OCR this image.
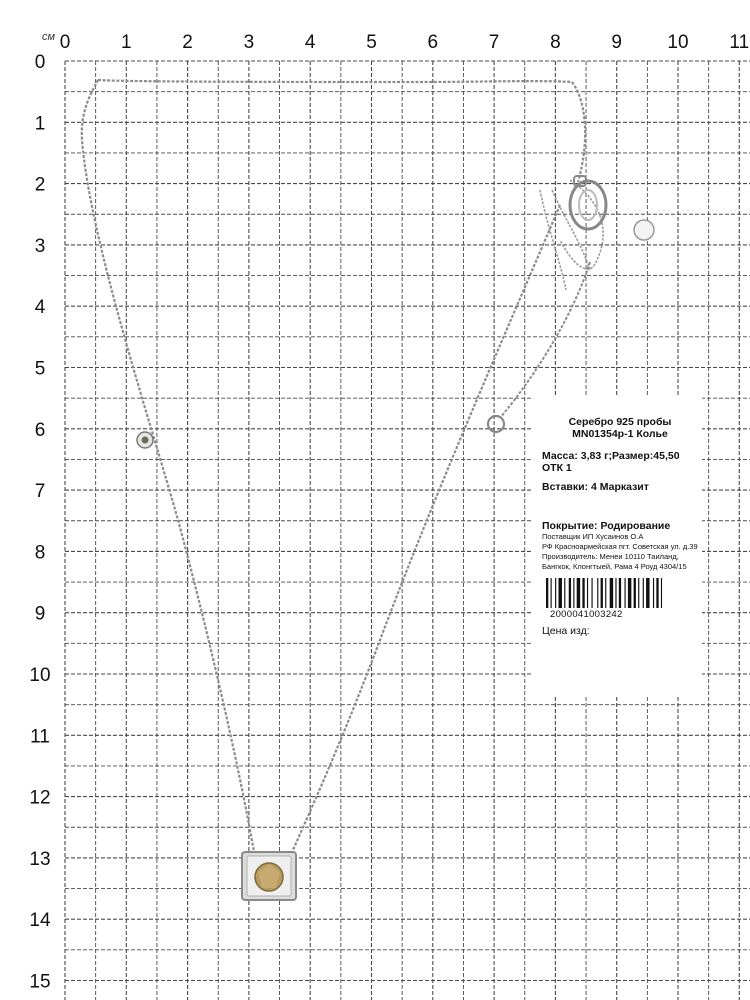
0	1	2	3	4	5	6	7	8	9 10 11
1
2
3
4
5
6
7
8
9
10
11
12
13
14
15
0
см
Серебро 925 пробы
MN01354р-1 Колье
Масса: 3,83 г;Размер:45,50
ОТК 1
Вставки: 4 Марказит
Покрытие: Родирование
Поставщик ИП Хусаинов О.А
РФ Красноармейская пгт. Советская ул. д.39
Производитель: Менеи 10110 Таиланд,
Бангкок, Клонгтыей, Рама 4 Роуд 4304/15
2000041003242
Цена изд:
